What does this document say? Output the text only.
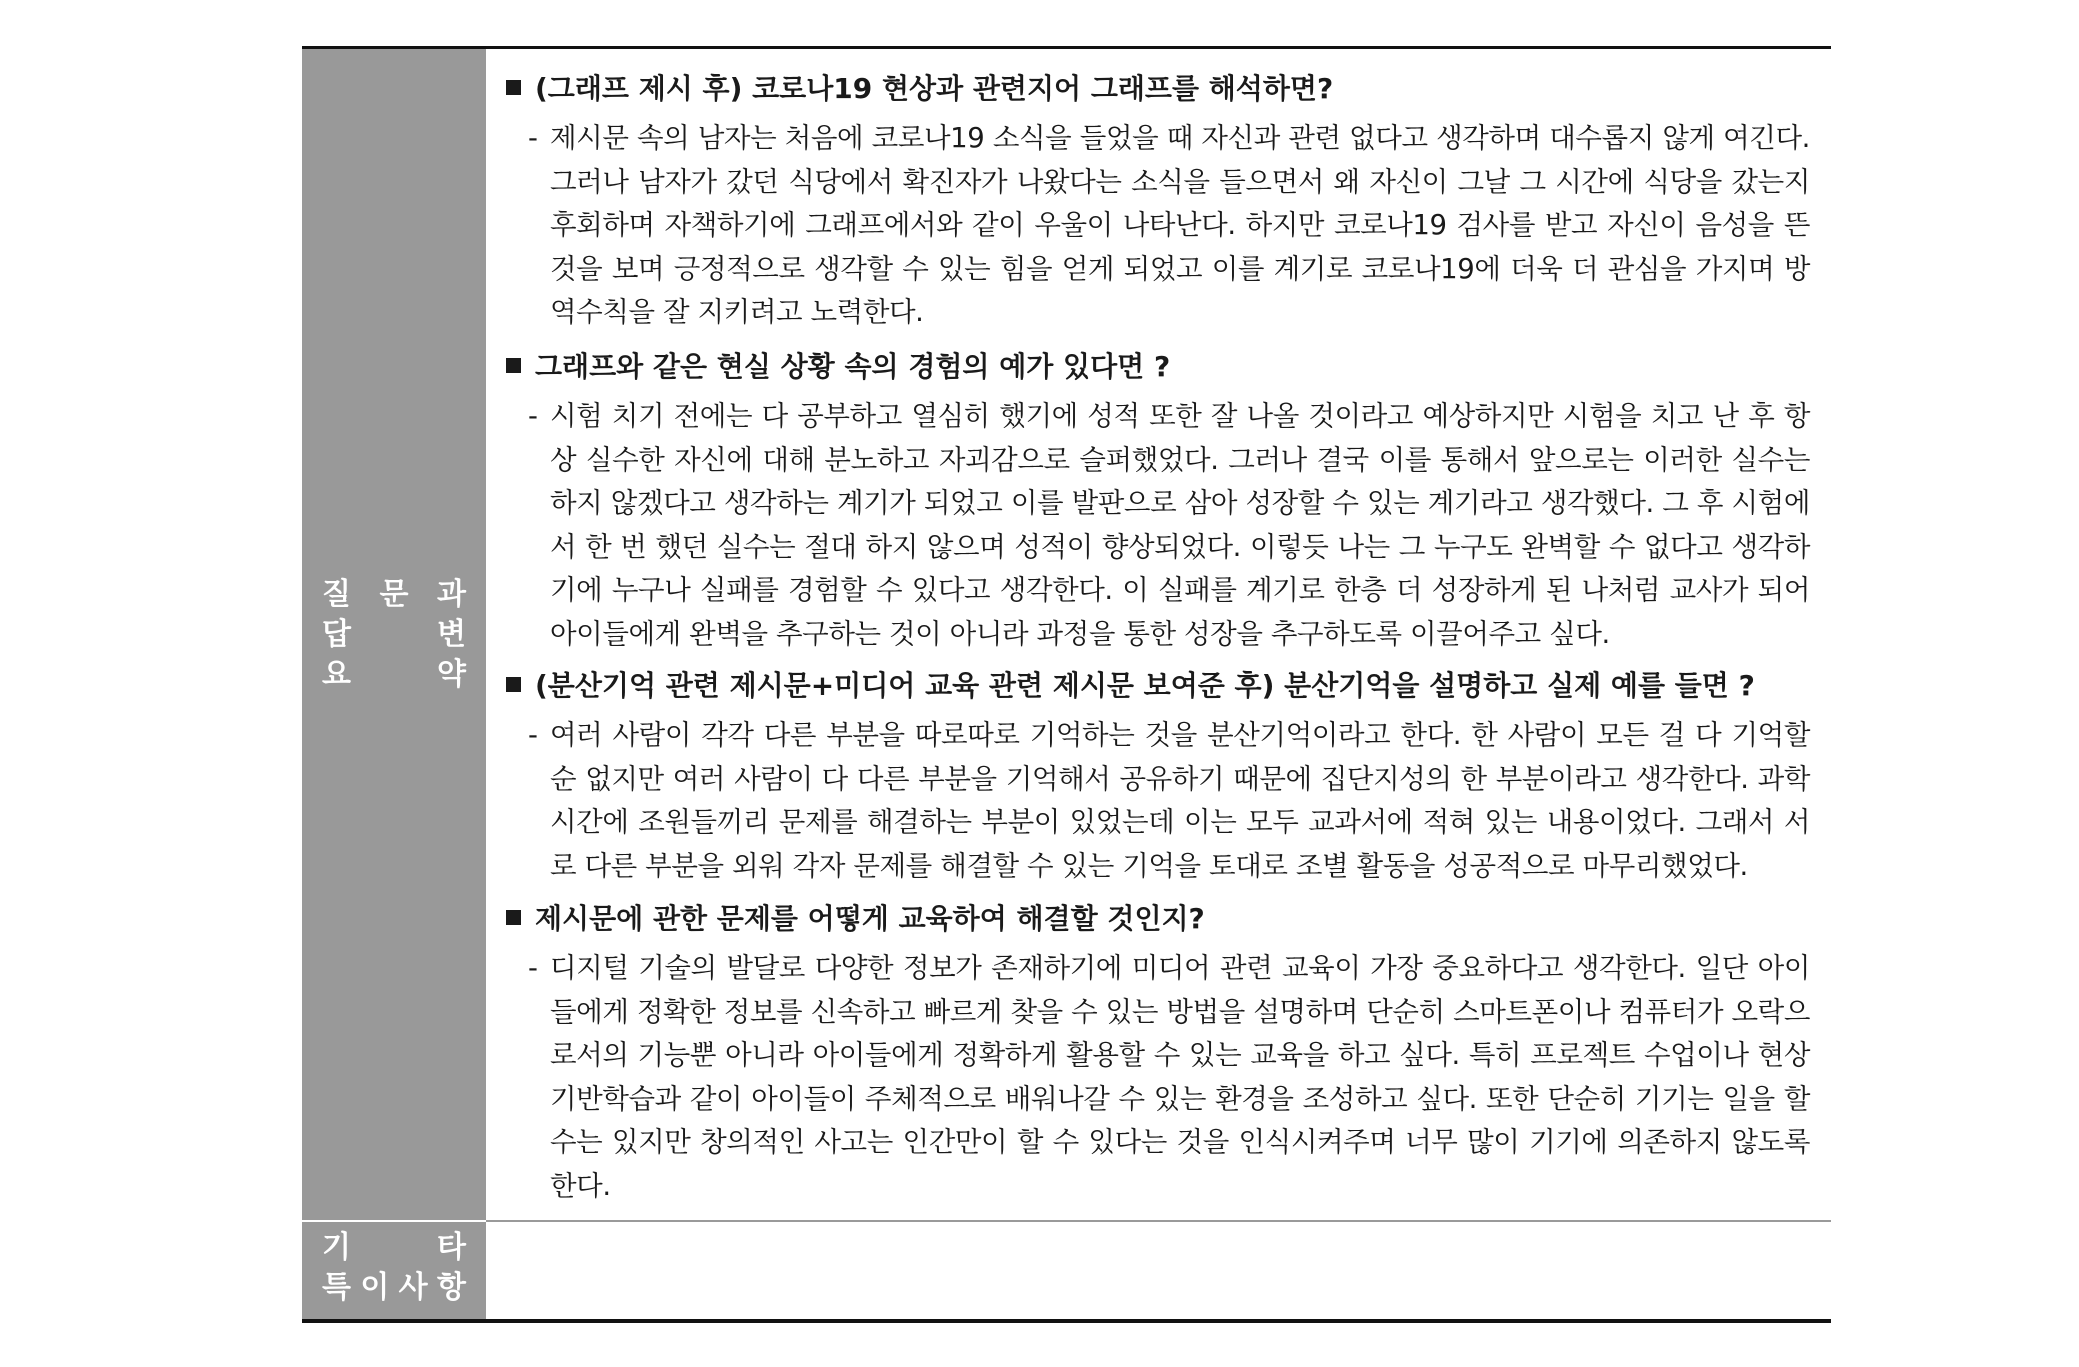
질 문 과
답	변
요	약
(그래프 제시 후) 코로나19 현상과 관련지어 그래프를 해석하면?
- 제시문 속의 남자는 처음에 코로나19 소식을 들었을 때 자신과 관련 없다고 생각하며 대수롭지 않게 여긴다. 그러나 남자가 갔던 식당에서 확진자가 나왔다는 소식을 들으면서 왜 자신이 그날 그 시간에 식당을 갔는지 후회하며 자책하기에 그래프에서와 같이 우울이 나타난다. 하지만 코로나19 검사를 받고 자신이 음성을 뜬 것을 보며 긍정적으로 생각할 수 있는 힘을 얻게 되었고 이를 계기로 코로나19에 더욱 더 관심을 가지며 방역수칙을 잘 지키려고 노력한다.
그래프와 같은 현실 상황 속의 경험의 예가 있다면 ?
- 시험 치기 전에는 다 공부하고 열심히 했기에 성적 또한 잘 나올 것이라고 예상하지만 시험을 치고 난 후 항상 실수한 자신에 대해 분노하고 자괴감으로 슬퍼했었다. 그러나 결국 이를 통해서 앞으로는 이러한 실수는 하지 않겠다고 생각하는 계기가 되었고 이를 발판으로 삼아 성장할 수 있는 계기라고 생각했다. 그 후 시험에서 한 번 했던 실수는 절대 하지 않으며 성적이 향상되었다. 이렇듯 나는 그 누구도 완벽할 수 없다고 생각하기에 누구나 실패를 경험할 수 있다고 생각한다. 이 실패를 계기로 한층 더 성장하게 된 나처럼 교사가 되어 아이들에게 완벽을 추구하는 것이 아니라 과정을 통한 성장을 추구하도록 이끌어주고 싶다.
(분산기억 관련 제시문+미디어 교육 관련 제시문 보여준 후) 분산기억을 설명하고 실제 예를 들면 ?
- 여러 사람이 각각 다른 부분을 따로따로 기억하는 것을 분산기억이라고 한다. 한 사람이 모든 걸 다 기억할 순 없지만 여러 사람이 다 다른 부분을 기억해서 공유하기 때문에 집단지성의 한 부분이라고 생각한다. 과학 시간에 조원들끼리 문제를 해결하는 부분이 있었는데 이는 모두 교과서에 적혀 있는 내용이었다. 그래서 서로 다른 부분을 외워 각자 문제를 해결할 수 있는 기억을 토대로 조별 활동을 성공적으로 마무리했었다.
제시문에 관한 문제를 어떻게 교육하여 해결할 것인지?
- 디지털 기술의 발달로 다양한 정보가 존재하기에 미디어 관련 교육이 가장 중요하다고 생각한다. 일단 아이들에게 정확한 정보를 신속하고 빠르게 찾을 수 있는 방법을 설명하며 단순히 스마트폰이나 컴퓨터가 오락으로서의 기능뿐 아니라 아이들에게 정확하게 활용할 수 있는 교육을 하고 싶다. 특히 프로젝트 수업이나 현상기반학습과 같이 아이들이 주체적으로 배워나갈 수 있는 환경을 조성하고 싶다. 또한 단순히 기기는 일을 할 수는 있지만 창의적인 사고는 인간만이 할 수 있다는 것을 인식시켜주며 너무 많이 기기에 의존하지 않도록 한다.
기	타
특 이 사 항
